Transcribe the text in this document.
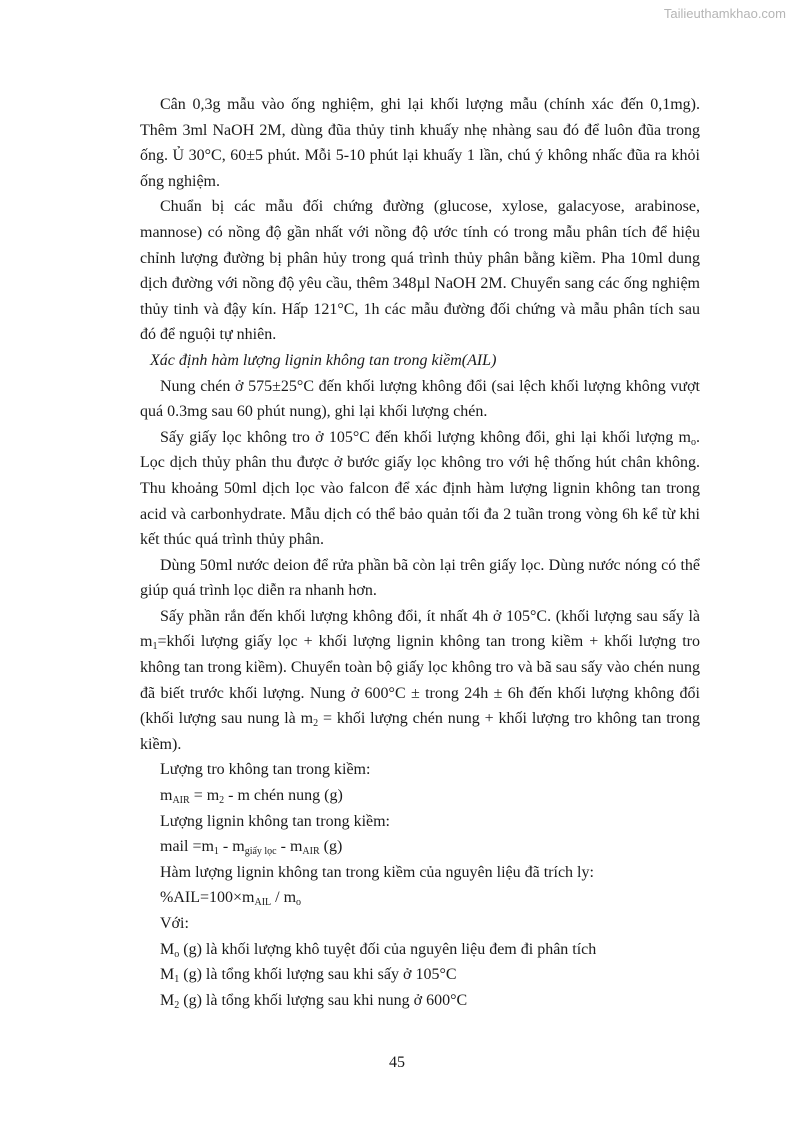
Tailieuthamkhao.com

Cân 0,3g mẫu vào ống nghiệm, ghi lại khối lượng mẫu (chính xác đến 0,1mg). Thêm 3ml NaOH 2M, dùng đũa thủy tinh khuấy nhẹ nhàng sau đó để luôn đũa trong ống. Ủ 30°C, 60±5 phút. Mỗi 5-10 phút lại khuấy 1 lần, chú ý không nhấc đũa ra khỏi ống nghiệm.

Chuẩn bị các mẫu đối chứng đường (glucose, xylose, galacyose, arabinose, mannose) có nồng độ gần nhất với nồng độ ước tính có trong mẫu phân tích để hiệu chỉnh lượng đường bị phân hủy trong quá trình thủy phân bằng kiềm. Pha 10ml dung dịch đường với nồng độ yêu cầu, thêm 348µl NaOH 2M. Chuyển sang các ống nghiệm thủy tinh và đậy kín. Hấp 121°C, 1h các mẫu đường đối chứng và mẫu phân tích sau đó để nguội tự nhiên.

Xác định hàm lượng lignin không tan trong kiềm(AIL)

Nung chén ở 575±25°C đến khối lượng không đổi (sai lệch khối lượng không vượt quá 0.3mg sau 60 phút nung), ghi lại khối lượng chén.

Sấy giấy lọc không tro ở 105°C đến khối lượng không đổi, ghi lại khối lượng $m_o$. Lọc dịch thủy phân thu được ở bước giấy lọc không tro với hệ thống hút chân không. Thu khoảng 50ml dịch lọc vào falcon để xác định hàm lượng lignin không tan trong acid và carbonhydrate. Mẫu dịch có thể bảo quản tối đa 2 tuần trong vòng 6h kể từ khi kết thúc quá trình thủy phân.

Dùng 50ml nước deion để rửa phần bã còn lại trên giấy lọc. Dùng nước nóng có thể giúp quá trình lọc diễn ra nhanh hơn.

Sấy phần rắn đến khối lượng không đổi, ít nhất 4h ở 105°C. (khối lượng sau sấy là $m_1=khối$ lượng giấy lọc + khối lượng lignin không tan trong kiềm + khối lượng tro không tan trong kiềm). Chuyển toàn bộ giấy lọc không tro và bã sau sấy vào chén nung đã biết trước khối lượng. Nung ở 600°C ± trong 24h ± 6h đến khối lượng không đổi (khối lượng sau nung là $m_2$ = khối lượng chén nung + khối lượng tro không tan trong kiềm).

Lượng tro không tan trong kiềm:

$m_{AIR} = m_2 - m$ chén nung (g)

Lượng lignin không tan trong kiềm:

mail $=m_1 - m_{giấy lọc} - m_{AIR}$ (g)

Hàm lượng lignin không tan trong kiềm của nguyên liệu đã trích ly:

$\%AIL=100\times m_{AIL} / m_o$

Với:

$M_o$ (g) là khối lượng khô tuyệt đối của nguyên liệu đem đi phân tích

$M_1$ (g) là tổng khối lượng sau khi sấy ở 105°C

$M_2$ (g) là tổng khối lượng sau khi nung ở 600°C

45
